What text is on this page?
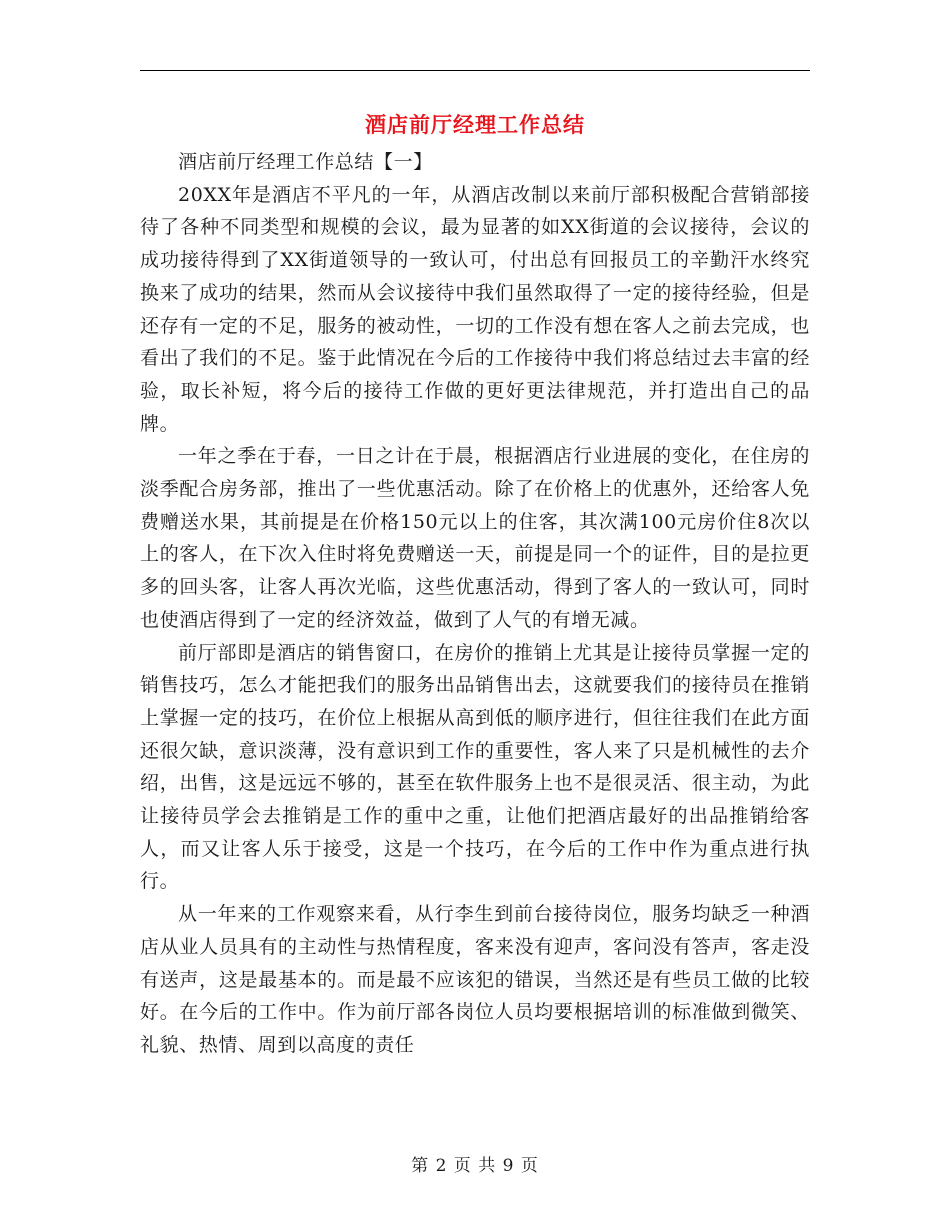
酒店前厅经理工作总结

酒店前厅经理工作总结【一】

20XX年是酒店不平凡的一年，从酒店改制以来前厅部积极配合营销部接待了各种不同类型和规模的会议，最为显著的如XX街道的会议接待，会议的成功接待得到了XX街道领导的一致认可，付出总有回报员工的辛勤汗水终究换来了成功的结果，然而从会议接待中我们虽然取得了一定的接待经验，但是还存有一定的不足，服务的被动性，一切的工作没有想在客人之前去完成，也看出了我们的不足。鉴于此情况在今后的工作接待中我们将总结过去丰富的经验，取长补短，将今后的接待工作做的更好更法律规范，并打造出自己的品牌。

一年之季在于春，一日之计在于晨，根据酒店行业进展的变化，在住房的淡季配合房务部，推出了一些优惠活动。除了在价格上的优惠外，还给客人免费赠送水果，其前提是在价格150元以上的住客，其次满100元房价住8次以上的客人，在下次入住时将免费赠送一天，前提是同一个的证件，目的是拉更多的回头客，让客人再次光临，这些优惠活动，得到了客人的一致认可，同时也使酒店得到了一定的经济效益，做到了人气的有增无减。

前厅部即是酒店的销售窗口，在房价的推销上尤其是让接待员掌握一定的销售技巧，怎么才能把我们的服务出品销售出去，这就要我们的接待员在推销上掌握一定的技巧，在价位上根据从高到低的顺序进行，但往往我们在此方面还很欠缺，意识淡薄，没有意识到工作的重要性，客人来了只是机械性的去介绍，出售，这是远远不够的，甚至在软件服务上也不是很灵活、很主动，为此让接待员学会去推销是工作的重中之重，让他们把酒店最好的出品推销给客人，而又让客人乐于接受，这是一个技巧，在今后的工作中作为重点进行执行。

从一年来的工作观察来看，从行李生到前台接待岗位，服务均缺乏一种酒店从业人员具有的主动性与热情程度，客来没有迎声，客问没有答声，客走没有送声，这是最基本的。而是最不应该犯的错误，当然还是有些员工做的比较好。在今后的工作中。作为前厅部各岗位人员均要根据培训的标准做到微笑、礼貌、热情、周到以高度的责任

第 2 页 共 9 页
